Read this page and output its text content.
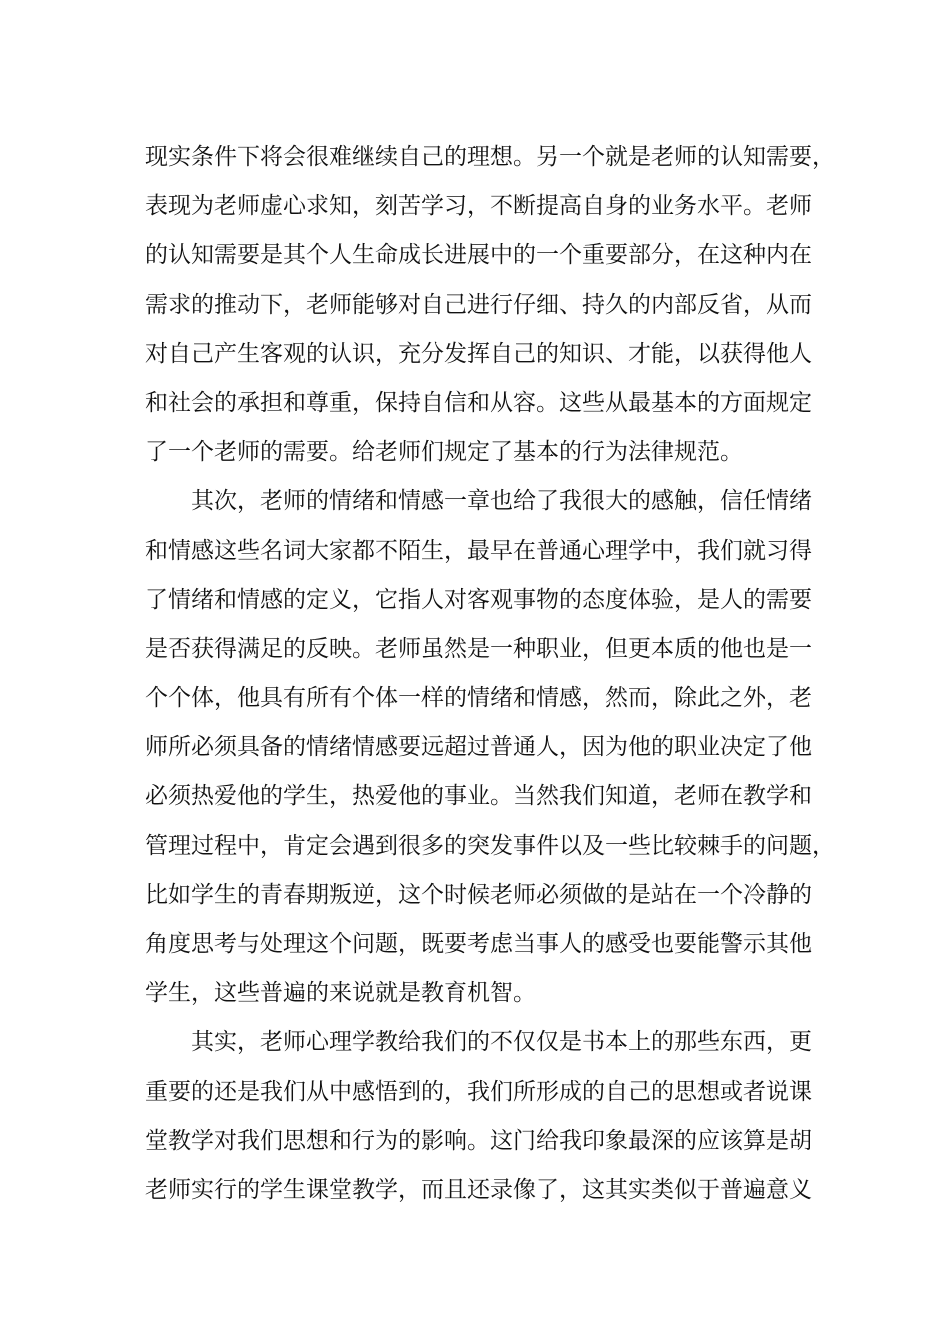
现实条件下将会很难继续自己的理想。另一个就是老师的认知需要，
表现为老师虚心求知，刻苦学习，不断提高自身的业务水平。老师
的认知需要是其个人生命成长进展中的一个重要部分，在这种内在
需求的推动下，老师能够对自己进行仔细、持久的内部反省，从而
对自己产生客观的认识，充分发挥自己的知识、才能，以获得他人
和社会的承担和尊重，保持自信和从容。这些从最基本的方面规定
了一个老师的需要。给老师们规定了基本的行为法律规范。
其次，老师的情绪和情感一章也给了我很大的感触，信任情绪
和情感这些名词大家都不陌生，最早在普通心理学中，我们就习得
了情绪和情感的定义，它指人对客观事物的态度体验，是人的需要
是否获得满足的反映。老师虽然是一种职业，但更本质的他也是一
个个体，他具有所有个体一样的情绪和情感，然而，除此之外，老
师所必须具备的情绪情感要远超过普通人，因为他的职业决定了他
必须热爱他的学生，热爱他的事业。当然我们知道，老师在教学和
管理过程中，肯定会遇到很多的突发事件以及一些比较棘手的问题，
比如学生的青春期叛逆，这个时候老师必须做的是站在一个冷静的
角度思考与处理这个问题，既要考虑当事人的感受也要能警示其他
学生，这些普遍的来说就是教育机智。
其实，老师心理学教给我们的不仅仅是书本上的那些东西，更
重要的还是我们从中感悟到的，我们所形成的自己的思想或者说课
堂教学对我们思想和行为的影响。这门给我印象最深的应该算是胡
老师实行的学生课堂教学，而且还录像了，这其实类似于普遍意义
